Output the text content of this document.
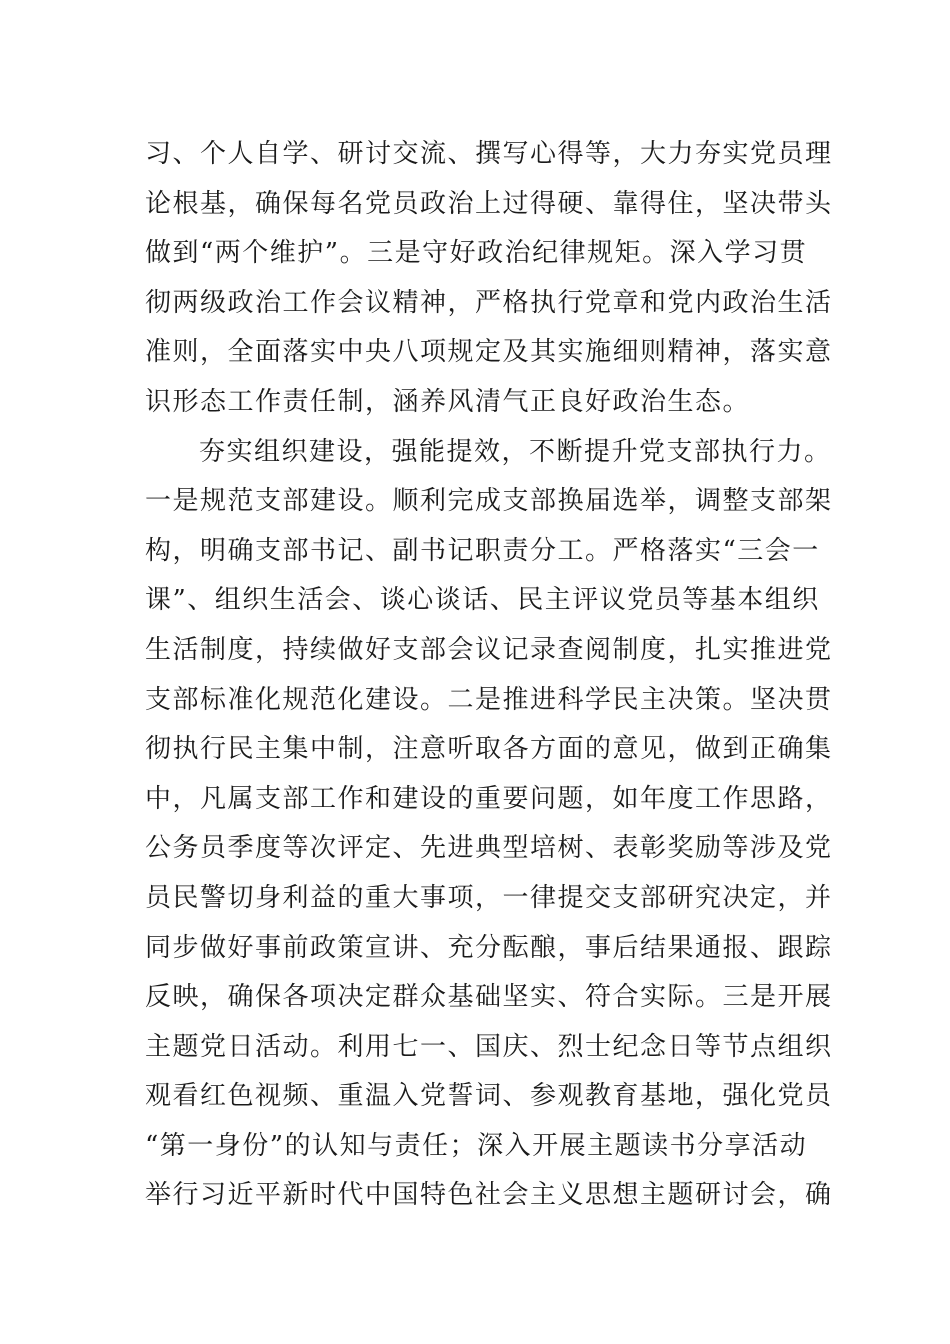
习、个人自学、研讨交流、撰写心得等，大力夯实党员理
论根基，确保每名党员政治上过得硬、靠得住，坚决带头
做到“两个维护”。三是守好政治纪律规矩。深入学习贯
彻两级政治工作会议精神，严格执行党章和党内政治生活
准则，全面落实中央八项规定及其实施细则精神，落实意
识形态工作责任制，涵养风清气正良好政治生态。
夯实组织建设，强能提效，不断提升党支部执行力。
一是规范支部建设。顺利完成支部换届选举，调整支部架
构，明确支部书记、副书记职责分工。严格落实“三会一
课”、组织生活会、谈心谈话、民主评议党员等基本组织
生活制度，持续做好支部会议记录查阅制度，扎实推进党
支部标准化规范化建设。二是推进科学民主决策。坚决贯
彻执行民主集中制，注意听取各方面的意见，做到正确集
中，凡属支部工作和建设的重要问题，如年度工作思路，
公务员季度等次评定、先进典型培树、表彰奖励等涉及党
员民警切身利益的重大事项，一律提交支部研究决定，并
同步做好事前政策宣讲、充分酝酿，事后结果通报、跟踪
反映，确保各项决定群众基础坚实、符合实际。三是开展
主题党日活动。利用七一、国庆、烈士纪念日等节点组织
观看红色视频、重温入党誓词、参观教育基地，强化党员
“第一身份”的认知与责任；深入开展主题读书分享活动
举行习近平新时代中国特色社会主义思想主题研讨会，确
